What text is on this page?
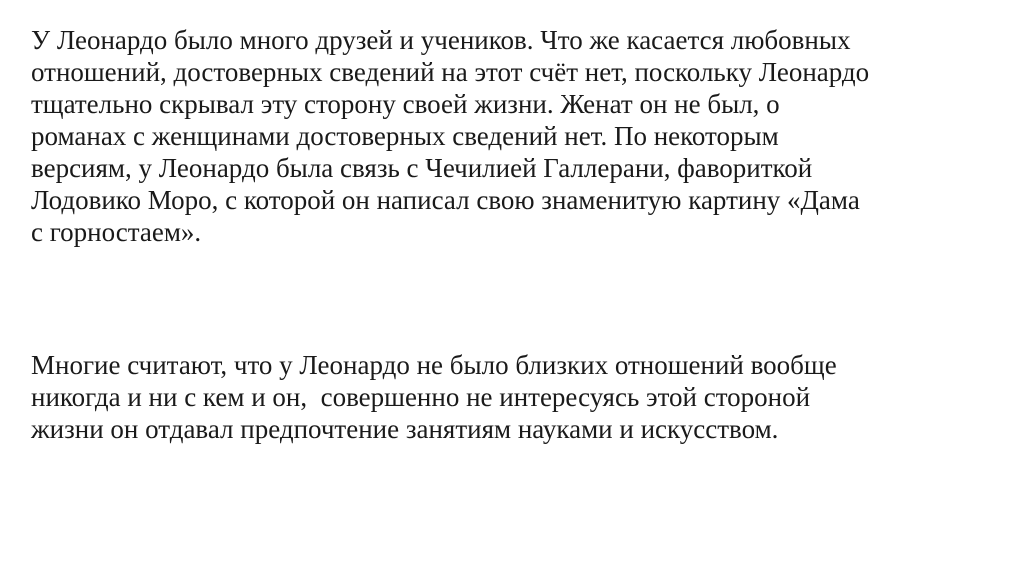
У Леонардо было много друзей и учеников. Что же касается любовных
отношений, достоверных сведений на этот счёт нет, поскольку Леонардо
тщательно скрывал эту сторону своей жизни. Женат он не был, о
романах с женщинами достоверных сведений нет. По некоторым
версиям, у Леонардо была связь с Чечилией Галлерани, фавориткой
Лодовико Моро, с которой он написал свою знаменитую картину «Дама
с горностаем».

Многие считают, что у Леонардо не было близких отношений вообще
никогда и ни с кем и он,  совершенно не интересуясь этой стороной
жизни он отдавал предпочтение занятиям науками и искусством.
